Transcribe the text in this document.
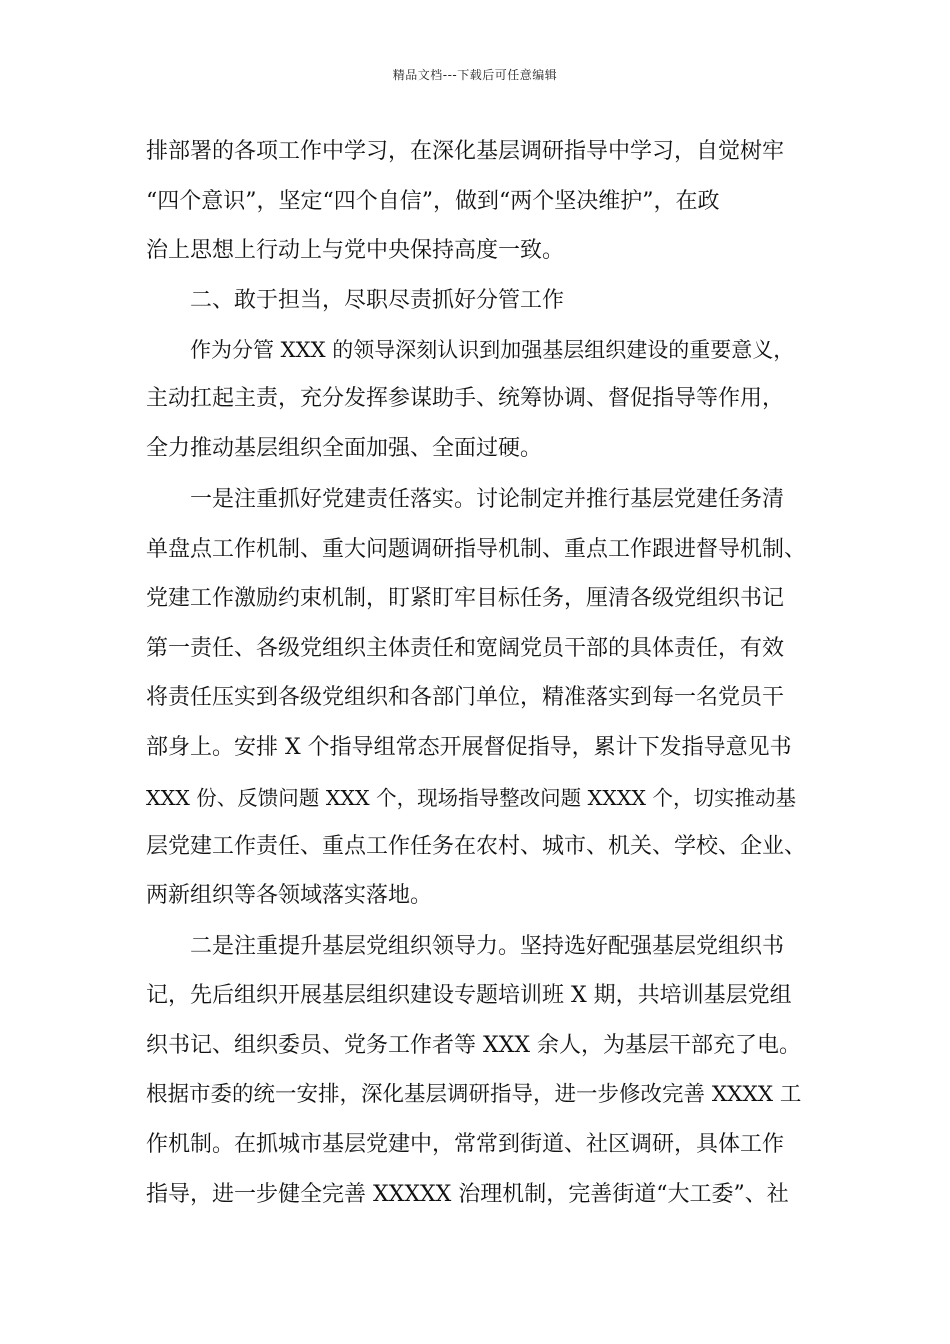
精品文档---下载后可任意编辑
排部署的各项工作中学习，在深化基层调研指导中学习，自觉树牢
“四个意识”，坚定“四个自信”，做到“两个坚决维护”，在政
治上思想上行动上与党中央保持高度一致。
二、敢于担当，尽职尽责抓好分管工作
作为分管 XXX 的领导深刻认识到加强基层组织建设的重要意义，
主动扛起主责，充分发挥参谋助手、统筹协调、督促指导等作用，
全力推动基层组织全面加强、全面过硬。
一是注重抓好党建责任落实。讨论制定并推行基层党建任务清
单盘点工作机制、重大问题调研指导机制、重点工作跟进督导机制、
党建工作激励约束机制，盯紧盯牢目标任务，厘清各级党组织书记
第一责任、各级党组织主体责任和宽阔党员干部的具体责任，有效
将责任压实到各级党组织和各部门单位，精准落实到每一名党员干
部身上。安排 X 个指导组常态开展督促指导，累计下发指导意见书
XXX 份、反馈问题 XXX 个，现场指导整改问题 XXXX 个，切实推动基
层党建工作责任、重点工作任务在农村、城市、机关、学校、企业、
两新组织等各领域落实落地。
二是注重提升基层党组织领导力。坚持选好配强基层党组织书
记，先后组织开展基层组织建设专题培训班 X 期，共培训基层党组
织书记、组织委员、党务工作者等 XXX 余人，为基层干部充了电。
根据市委的统一安排，深化基层调研指导，进一步修改完善 XXXX 工
作机制。在抓城市基层党建中，常常到街道、社区调研，具体工作
指导，进一步健全完善 XXXXX 治理机制，完善街道“大工委”、社
